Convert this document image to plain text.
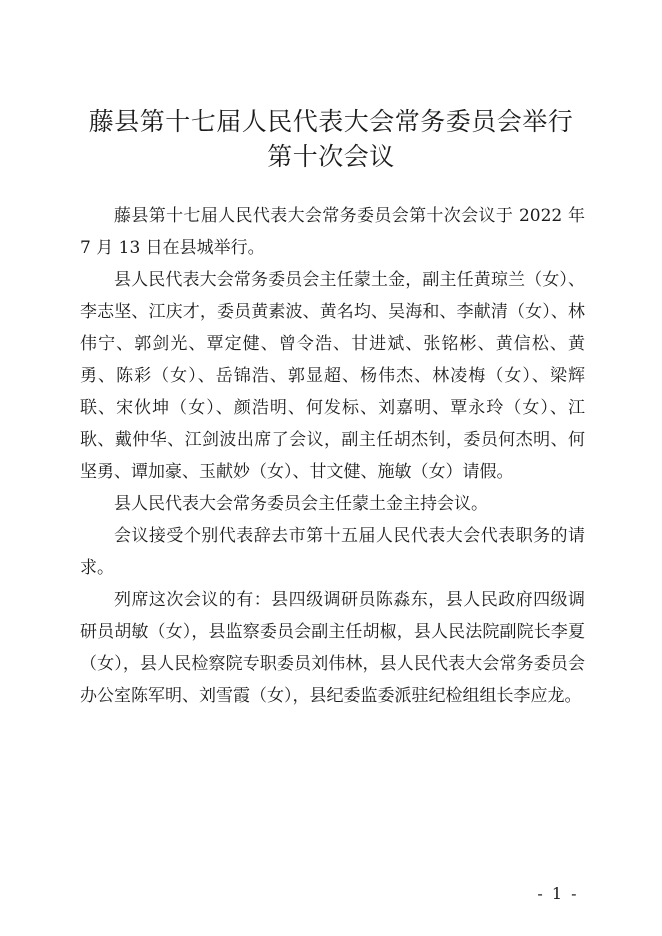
藤县第十七届人民代表大会常务委员会举行
第十次会议

藤县第十七届人民代表大会常务委员会第十次会议于 2022 年 7 月 13 日在县城举行。

县人民代表大会常务委员会主任蒙土金，副主任黄琼兰（女）、李志坚、江庆才，委员黄素波、黄名均、吴海和、李献清（女）、林伟宁、郭剑光、覃定健、曾令浩、甘进斌、张铭彬、黄信松、黄勇、陈彩（女）、岳锦浩、郭显超、杨伟杰、林凌梅（女）、梁辉联、宋伙坤（女）、颜浩明、何发标、刘嘉明、覃永玲（女）、江耿、戴仲华、江剑波出席了会议，副主任胡杰钊，委员何杰明、何坚勇、谭加豪、玉献妙（女）、甘文健、施敏（女）请假。

县人民代表大会常务委员会主任蒙土金主持会议。

会议接受个别代表辞去市第十五届人民代表大会代表职务的请求。

列席这次会议的有：县四级调研员陈淼东，县人民政府四级调研员胡敏（女），县监察委员会副主任胡椒，县人民法院副院长李夏（女），县人民检察院专职委员刘伟林，县人民代表大会常务委员会办公室陈军明、刘雪霞（女），县纪委监委派驻纪检组组长李应龙。

- 1 -
